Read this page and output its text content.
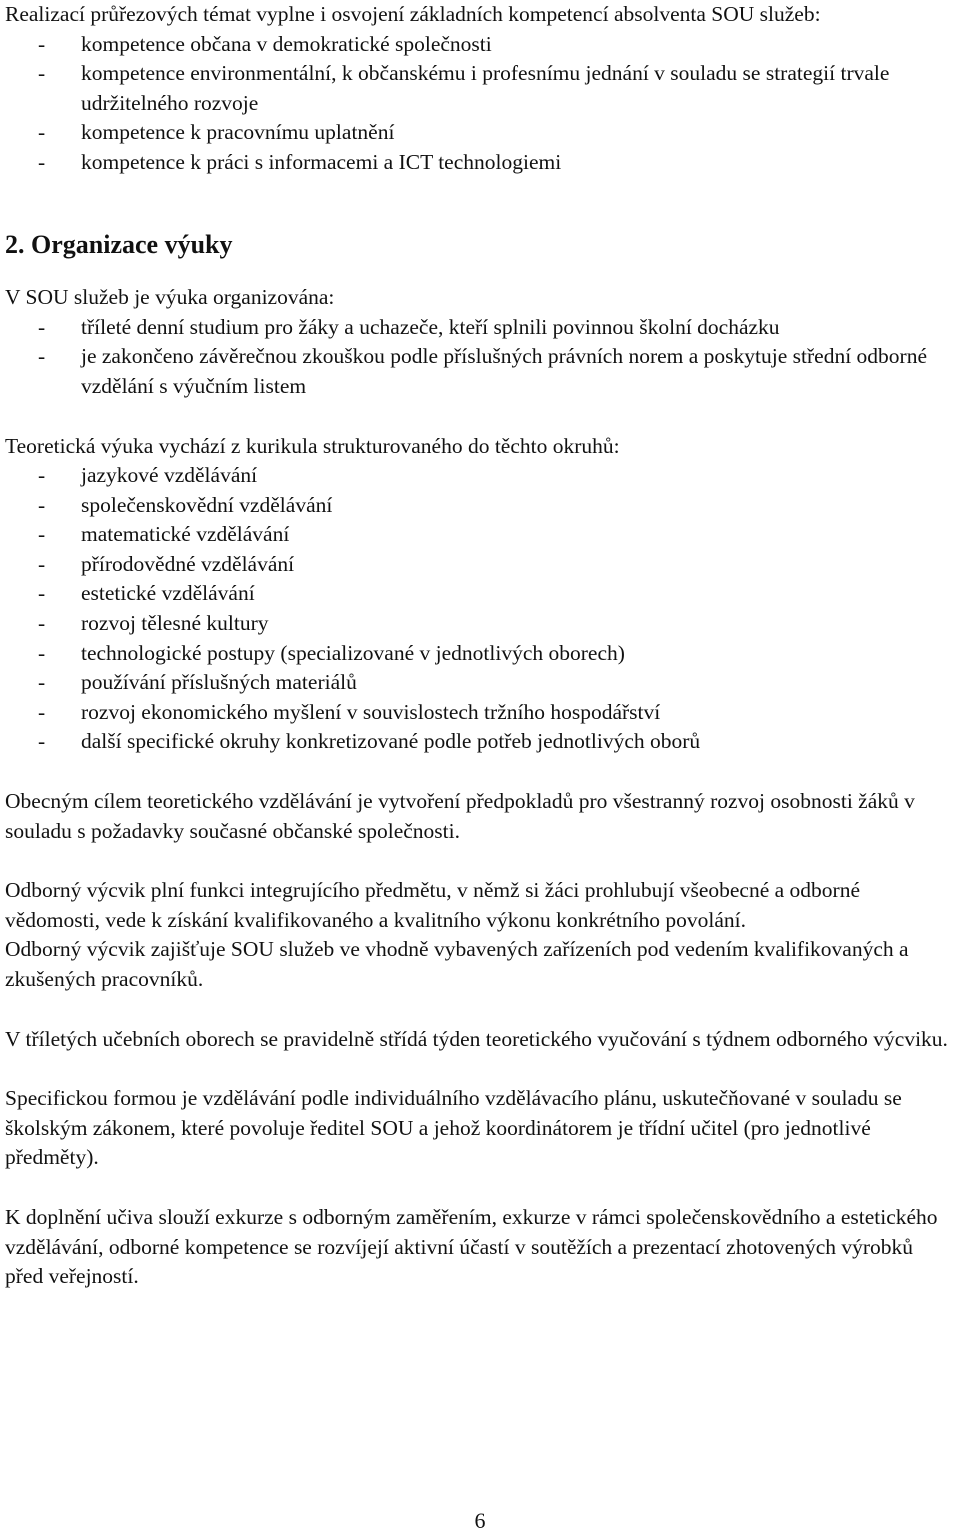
Realizací průřezových témat vyplne i osvojení základních kompetencí absolventa SOU služeb:

- kompetence občana v demokratické společnosti
- kompetence environmentální, k občanskému i profesnímu jednání v souladu se strategií trvale udržitelného rozvoje
- kompetence k pracovnímu uplatnění
- kompetence k práci s informacemi a ICT technologiemi
2. Organizace výuky

V SOU služeb je výuka organizována:

- tříleté denní studium pro žáky a uchazeče, kteří splnili povinnou školní docházku
- je zakončeno závěrečnou zkouškou podle příslušných právních norem a poskytuje střední odborné vzdělání s výučním listem

Teoretická výuka vychází z kurikula strukturovaného do těchto okruhů:

- jazykové vzdělávání
- společenskovědní vzdělávání
- matematické vzdělávání
- přírodovědné vzdělávání
- estetické vzdělávání
- rozvoj tělesné kultury
- technologické postupy (specializované v jednotlivých oborech)
- používání příslušných materiálů
- rozvoj ekonomického myšlení v souvislostech tržního hospodářství
- další specifické okruhy konkretizované podle potřeb jednotlivých oborů

Obecným cílem teoretického vzdělávání je vytvoření předpokladů pro všestranný rozvoj osobnosti žáků v souladu s požadavky současné občanské společnosti.

Odborný výcvik plní funkci integrujícího předmětu, v němž si žáci prohlubují všeobecné a odborné vědomosti, vede k získání kvalifikovaného a kvalitního výkonu konkrétního povolání.

Odborný výcvik zajišťuje SOU služeb ve vhodně vybavených zařízeních pod vedením kvalifikovaných a zkušených pracovníků.

V tříletých učebních oborech se pravidelně střídá týden teoretického vyučování s týdnem odborného výcviku.

Specifickou formou je vzdělávání podle individuálního vzdělávacího plánu, uskutečňované v souladu se školským zákonem, které povoluje ředitel SOU a jehož koordinátorem je třídní učitel (pro jednotlivé předměty).

K doplnění učiva slouží exkurze s odborným zaměřením, exkurze v rámci společenskovědního a estetického vzdělávání, odborné kompetence se rozvíjejí aktivní účastí v soutěžích a prezentací zhotovených výrobků před veřejností.

6
